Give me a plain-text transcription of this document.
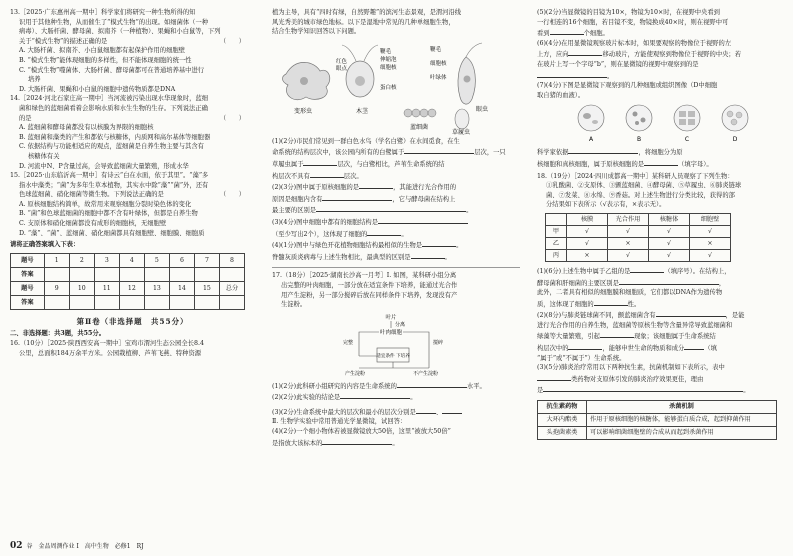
13.［2025·广东惠州高一期中］科学家们将研究一种生物所得的知

识用于其他种生物，从而催生了“模式生物”的出现。如细菌体（一种

病毒）、大肠杆菌、酵母菌、拟南芥（一种植物）、果蝇和小白鼠等，下列

关于“模式生物”的描述正确的是	（　　）

A. 大肠杆菌、拟南芥、小白鼠细胞都有起保护作用的细胞壁

B. “模式生物”能体现细胞的多样性，但不能体现细胞的统一性

C. “模式生物”噬菌体、大肠杆菌、酵母菌都可在普通培养基中进行

培养

D. 大肠杆菌、果蝇和小白鼠的细胞中遗传物质都是DNA

14.［2024·河北石家庄高一期中］当河流被污染出现水华现象时，蓝细

菌和绿色的蓝细菌看着会影响水质和水生生物的生存。下列说法正确

的是	（　　）

A. 蓝细菌和酵母菌都没有以核膜为界限的细胞核

B. 蓝细菌和藻类的产生和都依与核糖体，内质网和高尔基体等细胞器

C. 依据结构与功能相适应的观点，蓝细菌是自养生物主要与其含有

核糖体有关

D. 河流中N、P含量过高，会导致蓝细菌大量繁殖，形成水华

15.［2025·山东临沂高一期中］有诗云“白在水面，依于其里”。“藻”多

指水中藻类；“菌”为多年生草本植物，其实水中除“藻”“菌”外，还有

色球蓝细菌、硝化细菌等微生物。下列说法正确的是	（　　）

A. 原核细胞结构简单，故常用来观察细胞分裂时染色体的变化

B. “菌”和色球蓝细菌的细胞中都不含有叶绿体，但都是自养生物

C. 支原体和硝化细菌都没有成形的细胞核，无细胞壁

D. “藻”、“菌”、蓝细菌、硝化细菌都具有细胞壁、细胞膜、细胞质

请将正确答案填入下表：

题号	1	2	3	4	5	6	7	8
答案								
题号	9	10	11	12	13	14	15	总分
答案								

第Ⅱ卷（非选择题　共55分）

二、非选择题：共3题，共55分。

16.（10分）［2025·陕西西安高一期中］宝鸡市渭河生态公园全长8.4

公里，总面积184万余平方米。公园栽植柳、芦苇飞燕、特种资源

植为主导，具有“四时有绿，自然野趣”的滨河生态景观，是渭河沿线

风光秀美的城市绿色地标。以下是湿地中常见的几种单细胞生物，

结合生物学知识回答以下问题。

变形虫
红色
眼点
鞭毛
伸缩泡
细胞核
蛋白核
木茎
鞭毛
细胞核
叶绿体
眼虫
蓝细菌
草履虫

(1)(2分)市民们常见到一群白色水鸟（学名白鹭）在水间觅食，在生

命系统的结构层次中，该公园内所有的白鹭属于	层次，一只

草履虫属于	层次，与白鹭相比，芦苇生命系统的结

构层次不具有	层次。

(2)(3分)图中属于原核细胞的是	，其能进行光合作用的

原因是细胞内含有	，它与酵母菌在结构上

最主要的区别是	。

(3)(4分)图中细胞中都有的细胞结构是

（至少写出2个），这体现了细胞的	。

(4)(1分)图中与绿色开花植物细胞结构最相似的生物是	。

脊髓灰质炎病毒与上述生物相比，最典型的区别是	。

17.（18分）［2025·湖南长沙高一月考］Ⅰ. 如图，某科研小组分离

出完整的叶肉细胞，一部分放在适宜条件下培养，能通过光合作

用产生淀粉，另一部分搅碎后放在同样条件下培养，发现没有产

生淀粉。

叶片
分离
叶肉细胞
完整	搅碎
适宜条件 下培养
产生淀粉	不产生淀粉

(1)(2分)此科研小组研究的内容是生命系统的	水平。

(2)(2分)此实验的结论是	。

(3)(2分)生命系统中最大的层次和最小的层次分别是	、

Ⅱ. 生物学实验中常用普通光学显微镜，试回答：

(4)(2分)一个细小物体若被显微镜放大50倍，这里“被放大50倍”

是指放大该标本的	。

(5)(2分)当显微镜的目镜为10×，物镜为10×时，在视野中央看到

一行相连的16个细胞，若目镜不变，物镜换成40×时，则在视野中可

看到	个细胞。

(6)(4分)在用显微镜观察玻片标本时，如果要观察的物像位于视野的左

上方，应向	移动玻片，方能使观察到物像位于视野的中央；若

在玻片上写一个字母“b”，则在显微镜的视野中观察到的是

。

(7)(4分)下图是显微镜下观察到的几种细胞或组织图像（D中细胞

取自猪的血液）。

A	B	C	D

科学家依据	，将细胞分为原

核细胞和真核细胞，属于原核细胞的是	（填字母）。

18.（19分）［2024·四川成都高一期中］某科研人员观察了下列生物：

①乳酸菌、②支原体、③颤蓝细菌、④酵母菌、⑤草履虫、⑥肺炎链球

菌、⑦发菜、⑧水绵、⑨香菇。对上述生物进行分类比较，获得的部

分结果如下表所示（√表示有，×表示无）。

	核膜	光合作用	核糖体	细胞壁
甲	√	√	√	√
乙	√	×	√	×
丙	×	√	√	√

(1)(6分)上述生物中属于乙组的是	（填序号）。在结构上，

酵母菌和肝细菌的主要区别是	，

此外，二者具有相似的细胞膜和细胞质，它们都以DNA作为遗传物

质，这体现了细胞的	性。

(2)(8分)与肺炎链球菌不同，颤蓝细菌含有	，是能

进行光合作用的自养生物，蓝细菌等原核生物等含量异常导致蓝细菌和

绿藻等大量繁殖，引起	现象；该细胞属于生命系统结

构层次中的	，能够申世生命的物质和成分	（填

“属于”或“不属于”）生命系统。

(3)(5分)肺炎治疗常用以下两种抗生素，抗菌机制如下表所示，表中

类药物对支原体引发的肺炎治疗效果更佳，理由

是	。

抗生素药物	杀菌机制
大环内酯类	作用于原核细胞的核糖体，能够蛋白质合成，起到抑菌作用
头孢菌素类	可以影响细菌细胞壁的合成从而起到杀菌作用
02 谷　金品周测作业 Ⅰ　高中生物　必修1　RJ
